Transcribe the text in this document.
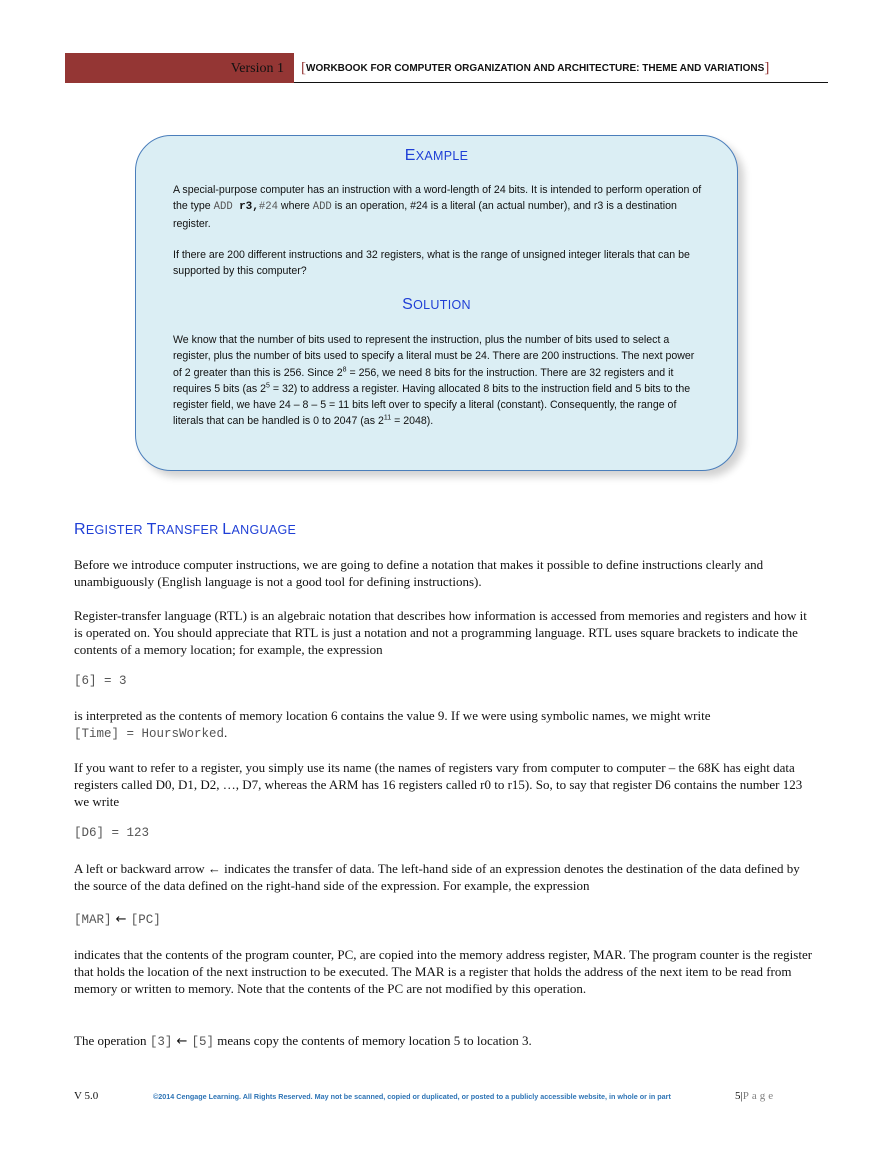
Version 1 [WORKBOOK FOR COMPUTER ORGANIZATION AND ARCHITECTURE: THEME AND VARIATIONS]
EXAMPLE
A special-purpose computer has an instruction with a word-length of 24 bits. It is intended to perform operation of the type ADD r3,#24 where ADD is an operation, #24 is a literal (an actual number), and r3 is a destination register.
If there are 200 different instructions and 32 registers, what is the range of unsigned integer literals that can be supported by this computer?
SOLUTION
We know that the number of bits used to represent the instruction, plus the number of bits used to select a register, plus the number of bits used to specify a literal must be 24. There are 200 instructions. The next power of 2 greater than this is 256. Since $2^8 = 256$, we need 8 bits for the instruction. There are 32 registers and it requires 5 bits (as $2^5 = 32$) to address a register. Having allocated 8 bits to the instruction field and 5 bits to the register field, we have 24 – 8 – 5 = 11 bits left over to specify a literal (constant). Consequently, the range of literals that can be handled is 0 to 2047 (as $2^{11} = 2048$).
REGISTER TRANSFER LANGUAGE
Before we introduce computer instructions, we are going to define a notation that makes it possible to define instructions clearly and unambiguously (English language is not a good tool for defining instructions).
Register-transfer language (RTL) is an algebraic notation that describes how information is accessed from memories and registers and how it is operated on. You should appreciate that RTL is just a notation and not a programming language. RTL uses square brackets to indicate the contents of a memory location; for example, the expression
[6] = 3
is interpreted as the contents of memory location 6 contains the value 9. If we were using symbolic names, we might write
[Time] = HoursWorked.
If you want to refer to a register, you simply use its name (the names of registers vary from computer to computer – the 68K has eight data registers called D0, D1, D2, …, D7, whereas the ARM has 16 registers called r0 to r15). So, to say that register D6 contains the number 123 we write
[D6] = 123
A left or backward arrow ← indicates the transfer of data. The left-hand side of an expression denotes the destination of the data defined by the source of the data defined on the right-hand side of the expression. For example, the expression
[MAR] ← [PC]
indicates that the contents of the program counter, PC, are copied into the memory address register, MAR. The program counter is the register that holds the location of the next instruction to be executed. The MAR is a register that holds the address of the next item to be read from memory or written to memory. Note that the contents of the PC are not modified by this operation.
The operation [3] ← [5] means copy the contents of memory location 5 to location 3.
V 5.0	©2014 Cengage Learning. All Rights Reserved. May not be scanned, copied or duplicated, or posted to a publicly accessible website, in whole or in part	5|Page
